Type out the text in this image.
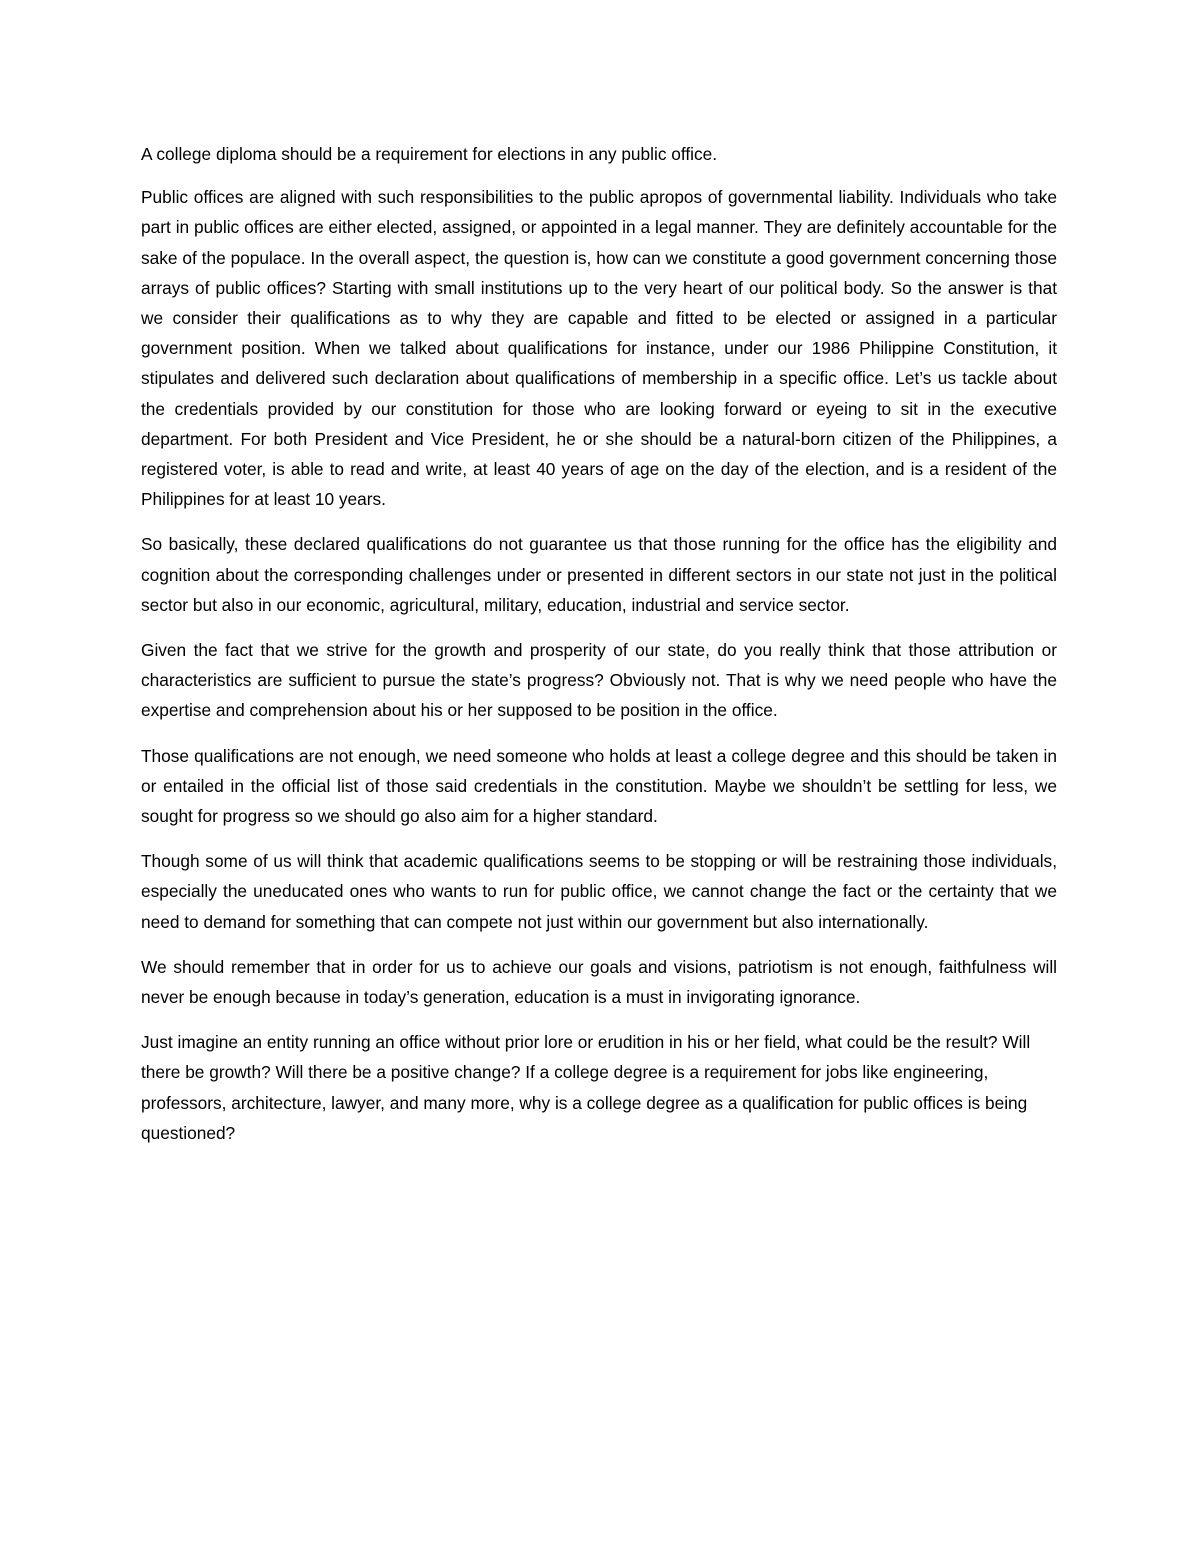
A college diploma should be a requirement for elections in any public office.

Public offices are aligned with such responsibilities to the public apropos of governmental liability. Individuals who take part in public offices are either elected, assigned, or appointed in a legal manner. They are definitely accountable for the sake of the populace. In the overall aspect, the question is, how can we constitute a good government concerning those arrays of public offices? Starting with small institutions up to the very heart of our political body. So the answer is that we consider their qualifications as to why they are capable and fitted to be elected or assigned in a particular government position. When we talked about qualifications for instance, under our 1986 Philippine Constitution, it stipulates and delivered such declaration about qualifications of membership in a specific office. Let’s us tackle about the credentials provided by our constitution for those who are looking forward or eyeing to sit in the executive department. For both President and Vice President, he or she should be a natural-born citizen of the Philippines, a registered voter, is able to read and write, at least 40 years of age on the day of the election, and is a resident of the Philippines for at least 10 years.

So basically, these declared qualifications do not guarantee us that those running for the office has the eligibility and cognition about the corresponding challenges under or presented in different sectors in our state not just in the political sector but also in our economic, agricultural, military, education, industrial and service sector.

Given the fact that we strive for the growth and prosperity of our state, do you really think that those attribution or characteristics are sufficient to pursue the state’s progress? Obviously not. That is why we need people who have the expertise and comprehension about his or her supposed to be position in the office.

Those qualifications are not enough, we need someone who holds at least a college degree and this should be taken in or entailed in the official list of those said credentials in the constitution. Maybe we shouldn’t be settling for less, we sought for progress so we should go also aim for a higher standard.

Though some of us will think that academic qualifications seems to be stopping or will be restraining those individuals, especially the uneducated ones who wants to run for public office, we cannot change the fact or the certainty that we need to demand for something that can compete not just within our government but also internationally.

We should remember that in order for us to achieve our goals and visions, patriotism is not enough, faithfulness will never be enough because in today’s generation, education is a must in invigorating ignorance.

Just imagine an entity running an office without prior lore or erudition in his or her field, what could be the result? Will there be growth? Will there be a positive change? If a college degree is a requirement for jobs like engineering, professors, architecture, lawyer, and many more, why is a college degree as a qualification for public offices is being questioned?
